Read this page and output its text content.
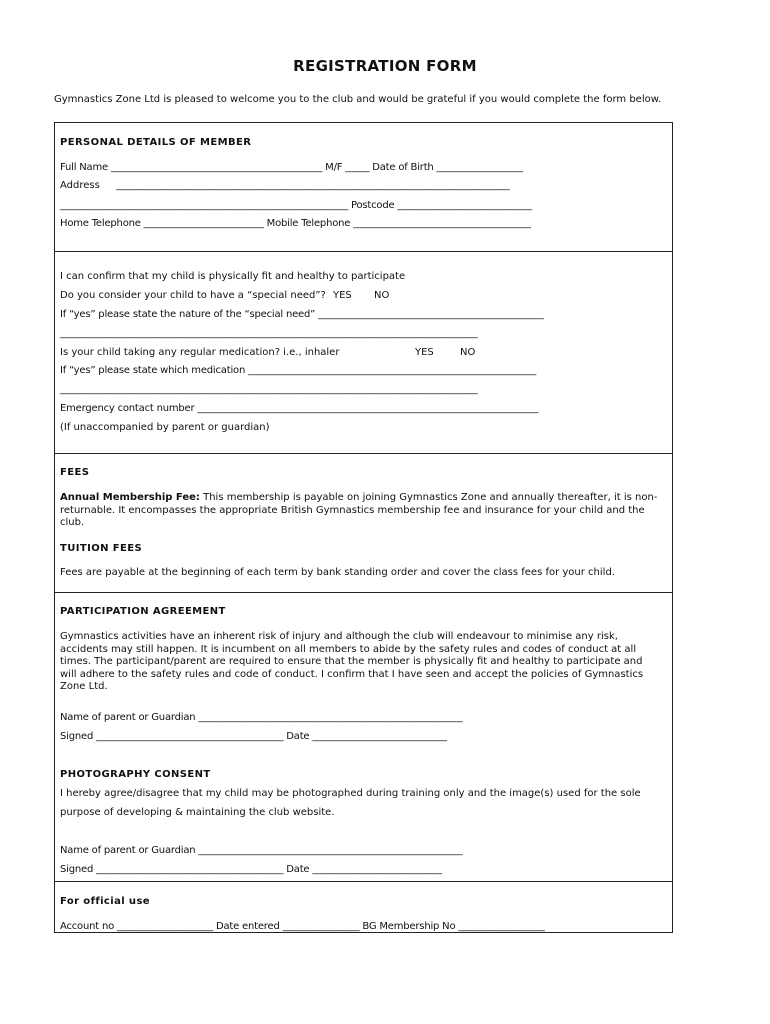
REGISTRATION FORM
Gymnastics Zone Ltd is pleased to welcome you to the club and would be grateful if you would complete the form below.
PERSONAL DETAILS OF MEMBER
Full Name ____________________________________________ M/F _____ Date of Birth __________________
Address __________________________________________________________________________________
____________________________________________________________ Postcode ____________________________
Home Telephone _________________________ Mobile Telephone _____________________________________
I can confirm that my child is physically fit and healthy to participate
Do you consider your child to have a “special need”? YES NO
If “yes” please state the nature of the “special need” _______________________________________________
_______________________________________________________________________________________
Is your child taking any regular medication? i.e., inhaler	YES	NO
If “yes” please state which medication ____________________________________________________________
_______________________________________________________________________________________
Emergency contact number _______________________________________________________________________
(If unaccompanied by parent or guardian)
FEES
Annual Membership Fee: This membership is payable on joining Gymnastics Zone and annually thereafter, it is non-returnable. It encompasses the appropriate British Gymnastics membership fee and insurance for your child and the club.
TUITION FEES
Fees are payable at the beginning of each term by bank standing order and cover the class fees for your child.
PARTICIPATION AGREEMENT
Gymnastics activities have an inherent risk of injury and although the club will endeavour to minimise any risk, accidents may still happen. It is incumbent on all members to abide by the safety rules and codes of conduct at all times. The participant/parent are required to ensure that the member is physically fit and healthy to participate and will adhere to the safety rules and code of conduct. I confirm that I have seen and accept the policies of Gymnastics Zone Ltd.
Name of parent or Guardian _______________________________________________________
Signed _______________________________________ Date ____________________________
PHOTOGRAPHY CONSENT
I hereby agree/disagree that my child may be photographed during training only and the image(s) used for the sole
purpose of developing & maintaining the club website.
Name of parent or Guardian _______________________________________________________
Signed _______________________________________ Date ___________________________
For official use
Account no ____________________ Date entered ________________ BG Membership No __________________
